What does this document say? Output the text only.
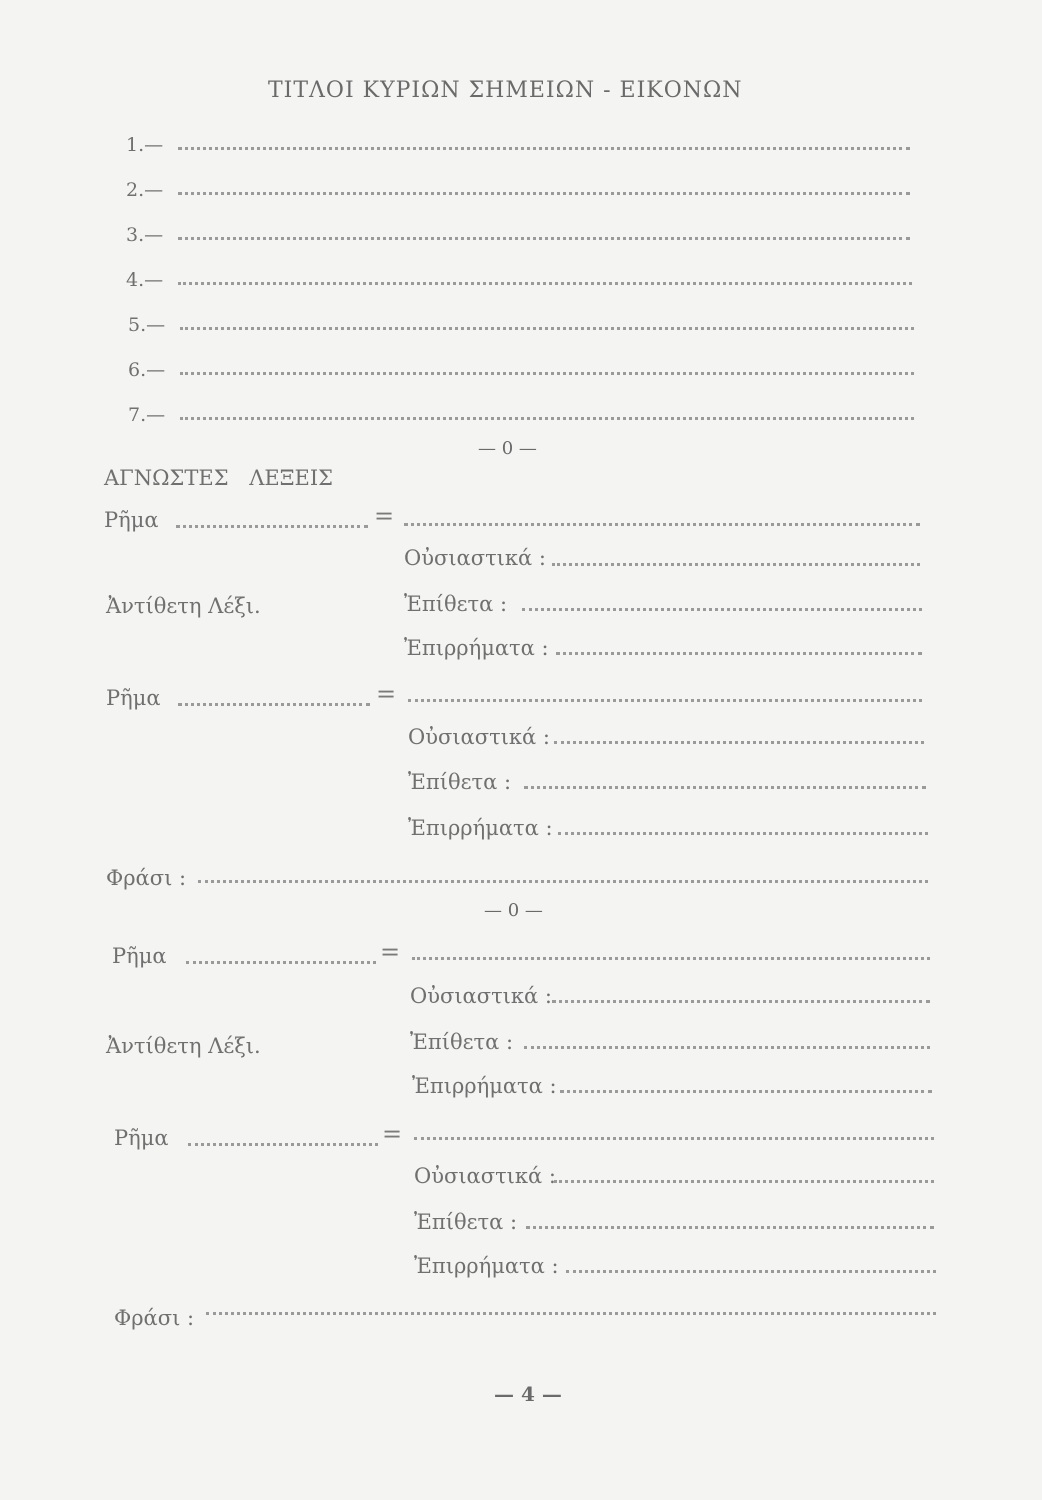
ΤΙΤΛΟΙ ΚΥΡΙΩΝ ΣΗΜΕΙΩΝ - ΕΙΚΟΝΩΝ
1.—
2.—
3.—
4.—
5.—
6.—
7.—
— 0 —
ΑΓΝΩΣΤΕΣ ΛΕΞΕΙΣ
Ρῆμα	=
Οὐσιαστικά :
Ἀντίθετη Λέξι.	Ἐπίθετα :
Ἐπιρρήματα :
Ρῆμα	=
Οὐσιαστικά :
Ἐπίθετα :
Ἐπιρρήματα :
Φράσι :
— 0 —
Ρῆμα	=
Οὐσιαστικά :
Ἀντίθετη Λέξι.	Ἐπίθετα :
Ἐπιρρήματα :
Ρῆμα	=
Οὐσιαστικά :
Ἐπίθετα :
Ἐπιρρήματα :
Φράσι :
— 4 —
